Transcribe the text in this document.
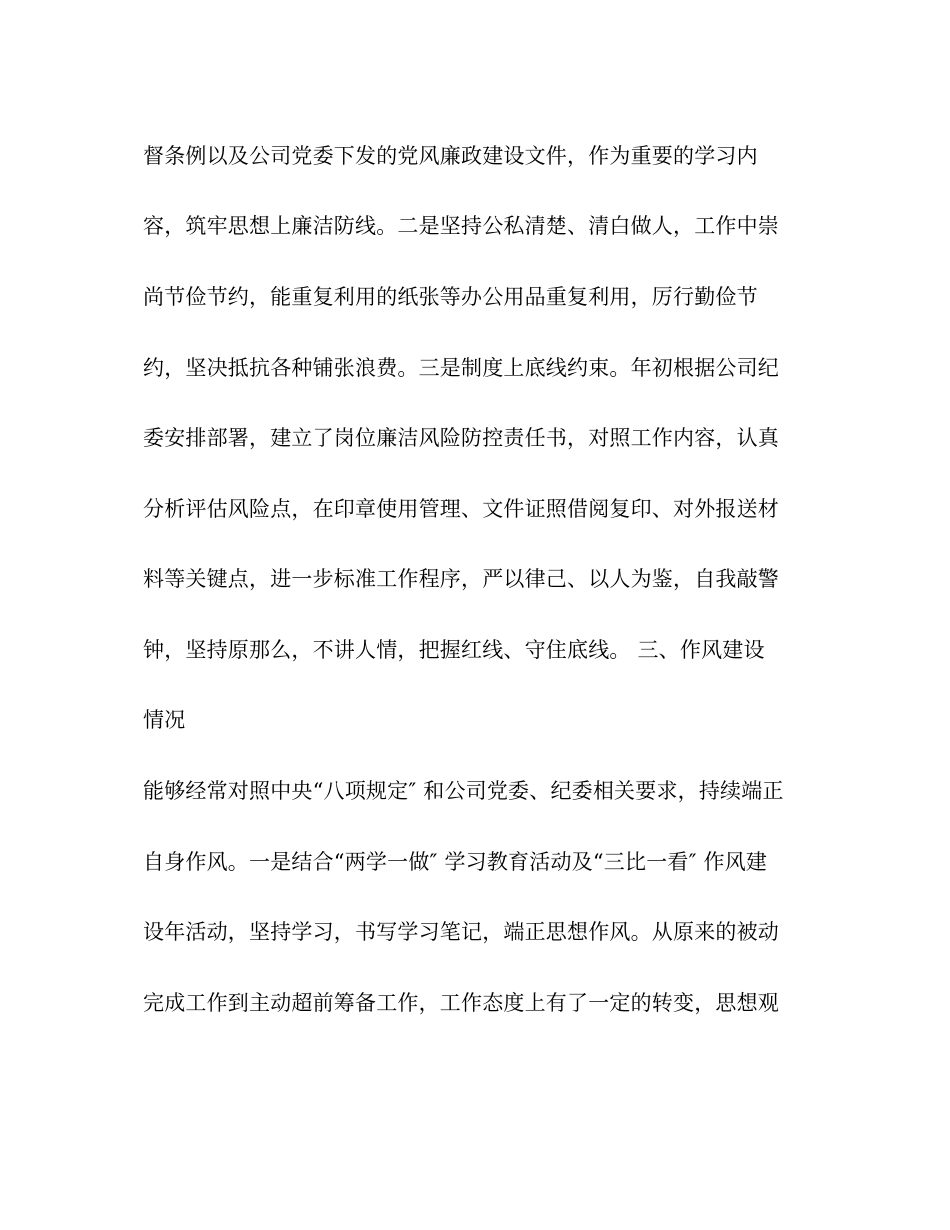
督条例以及公司党委下发的党风廉政建设文件，作为重要的学习内
容，筑牢思想上廉洁防线。二是坚持公私清楚、清白做人，工作中崇
尚节俭节约，能重复利用的纸张等办公用品重复利用，厉行勤俭节
约，坚决抵抗各种铺张浪费。三是制度上底线约束。年初根据公司纪
委安排部署，建立了岗位廉洁风险防控责任书，对照工作内容，认真
分析评估风险点，在印章使用管理、文件证照借阅复印、对外报送材
料等关键点，进一步标准工作程序，严以律己、以人为鉴，自我敲警
钟，坚持原那么，不讲人情，把握红线、守住底线。 三、作风建设
情况
能够经常对照中央“八项规定″ 和公司党委、纪委相关要求，持续端正
自身作风。一是结合“两学一做″ 学习教育活动及“三比一看″ 作风建
设年活动，坚持学习，书写学习笔记，端正思想作风。从原来的被动
完成工作到主动超前筹备工作，工作态度上有了一定的转变，思想观
